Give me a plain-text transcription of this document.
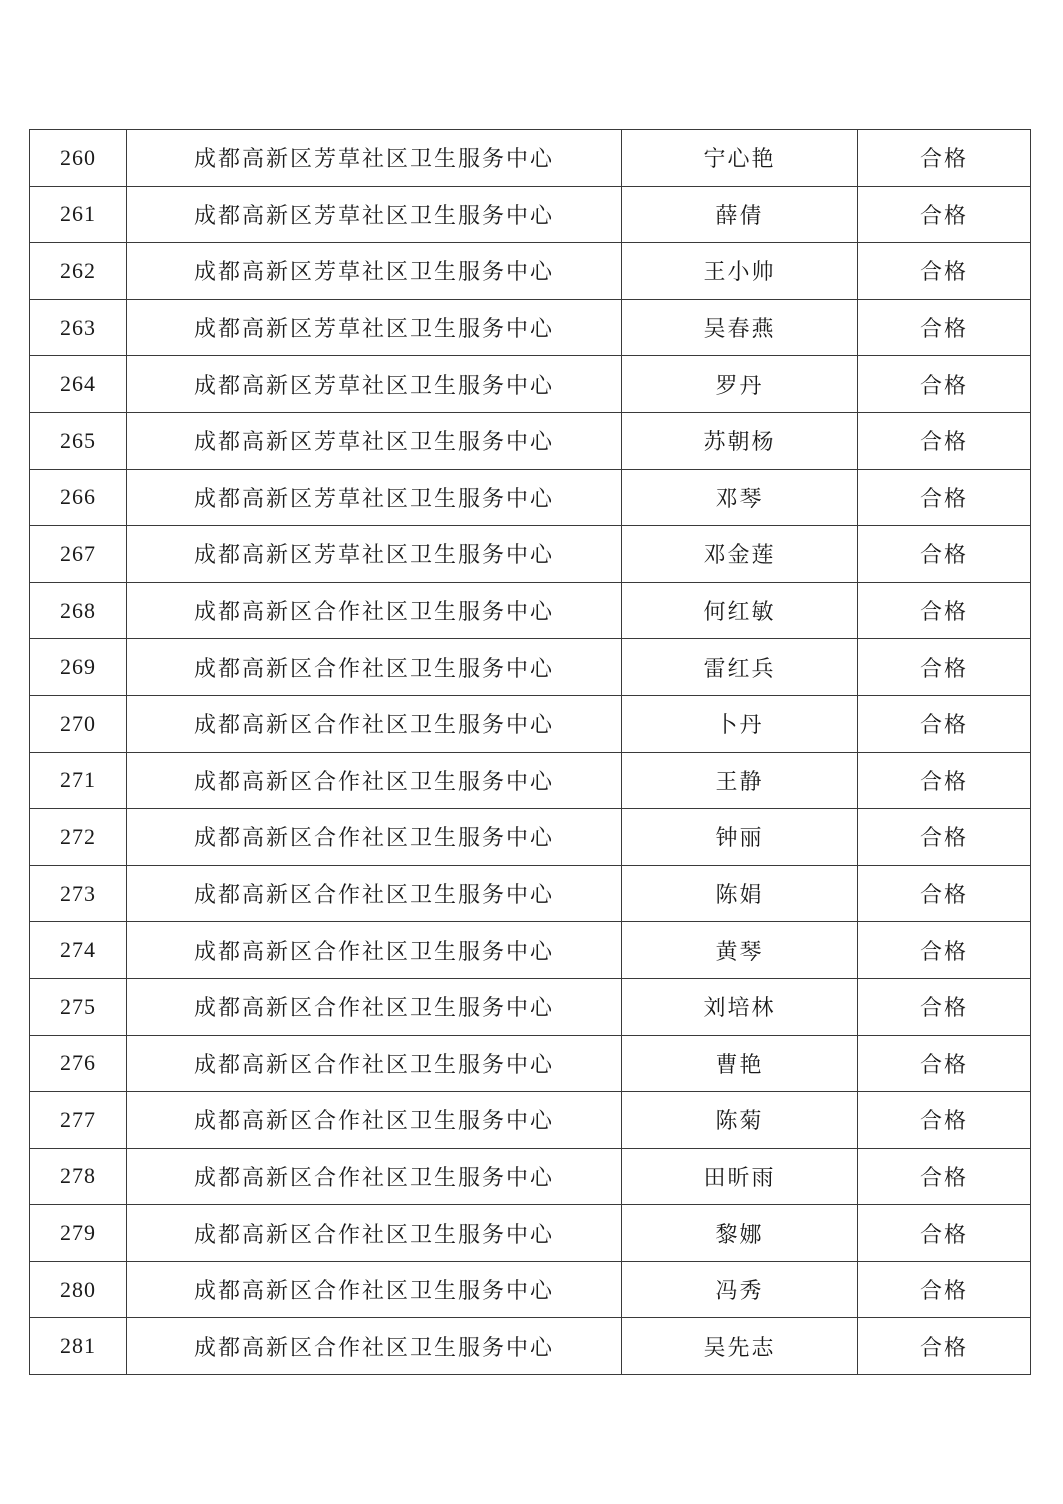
260	成都高新区芳草社区卫生服务中心	宁心艳	合格
261	成都高新区芳草社区卫生服务中心	薛倩	合格
262	成都高新区芳草社区卫生服务中心	王小帅	合格
263	成都高新区芳草社区卫生服务中心	吴春燕	合格
264	成都高新区芳草社区卫生服务中心	罗丹	合格
265	成都高新区芳草社区卫生服务中心	苏朝杨	合格
266	成都高新区芳草社区卫生服务中心	邓琴	合格
267	成都高新区芳草社区卫生服务中心	邓金莲	合格
268	成都高新区合作社区卫生服务中心	何红敏	合格
269	成都高新区合作社区卫生服务中心	雷红兵	合格
270	成都高新区合作社区卫生服务中心	卜丹	合格
271	成都高新区合作社区卫生服务中心	王静	合格
272	成都高新区合作社区卫生服务中心	钟丽	合格
273	成都高新区合作社区卫生服务中心	陈娟	合格
274	成都高新区合作社区卫生服务中心	黄琴	合格
275	成都高新区合作社区卫生服务中心	刘培林	合格
276	成都高新区合作社区卫生服务中心	曹艳	合格
277	成都高新区合作社区卫生服务中心	陈菊	合格
278	成都高新区合作社区卫生服务中心	田昕雨	合格
279	成都高新区合作社区卫生服务中心	黎娜	合格
280	成都高新区合作社区卫生服务中心	冯秀	合格
281	成都高新区合作社区卫生服务中心	吴先志	合格
